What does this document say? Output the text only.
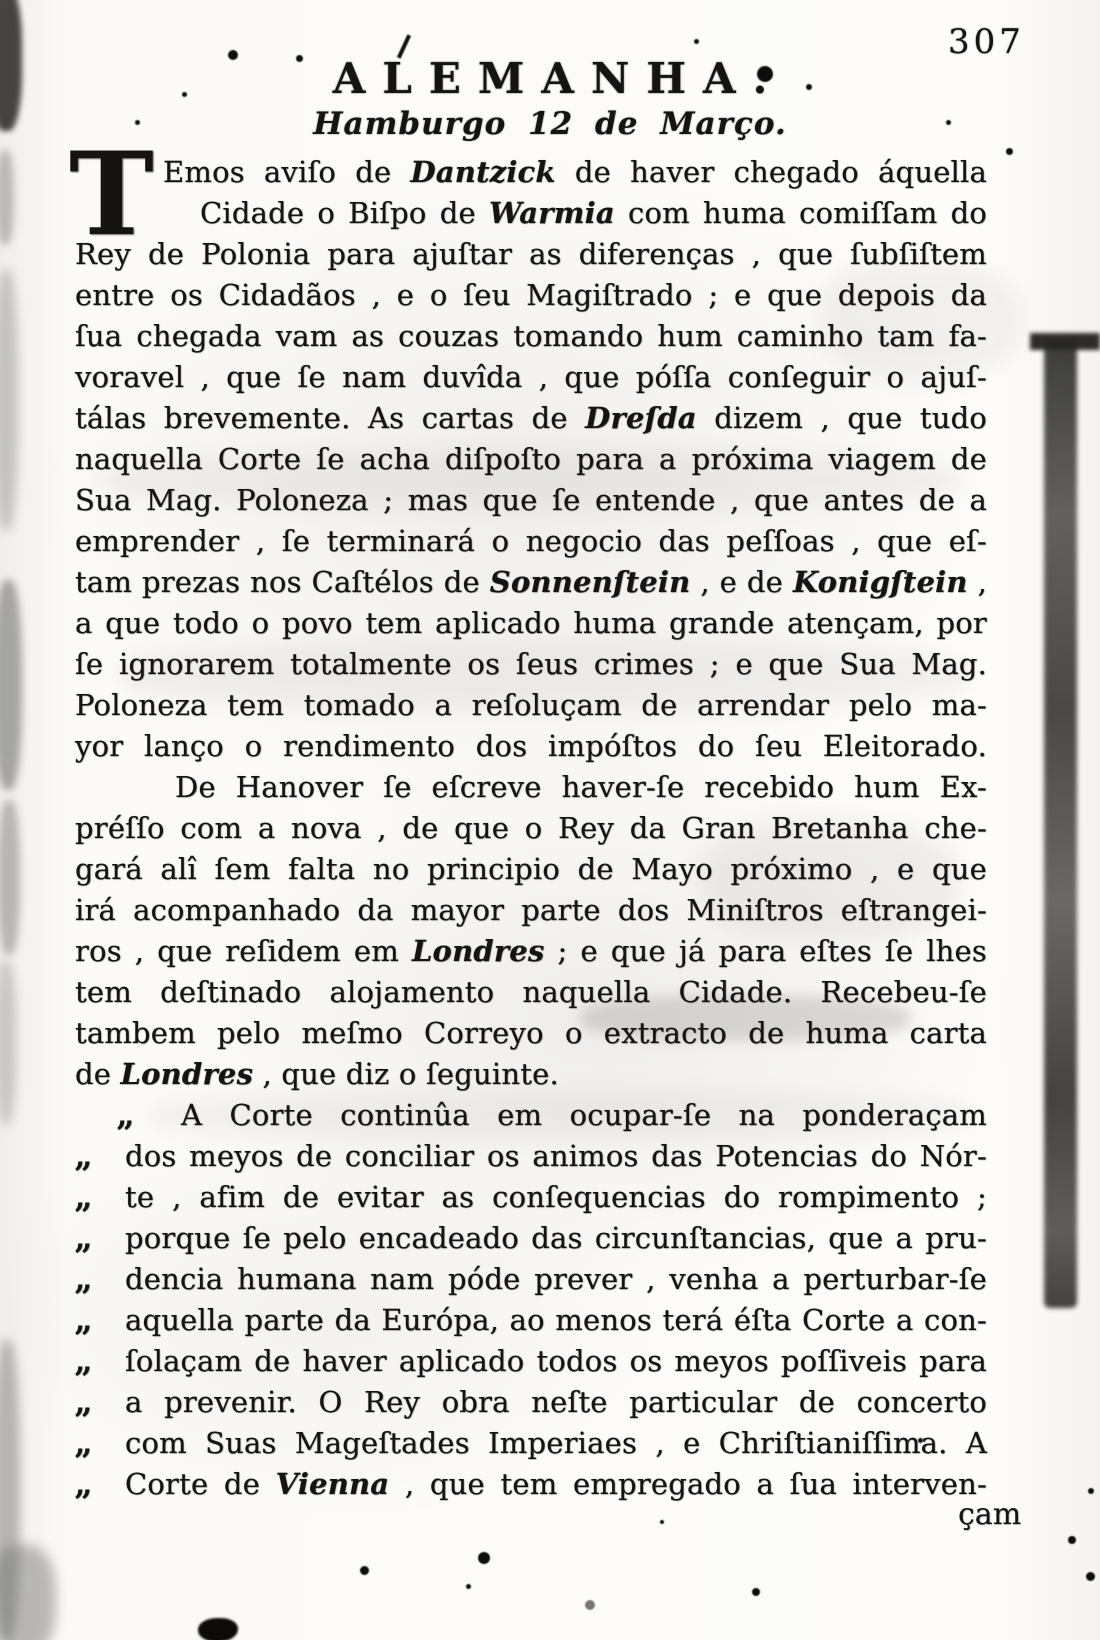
307
ALEMANHA.
Hamburgo 12 de Março.
T Emos aviſo de Dantzick de haver chegado áquella
Cidade o Biſpo de Warmia com huma comiſſam do
Rey de Polonia para ajuſtar as diferenças , que ſubſiſtem
entre os Cidadãos , e o ſeu Magiſtrado ; e que depois da
ſua chegada vam as couzas tomando hum caminho tam fa-
voravel , que ſe nam duvîda , que póſſa conſeguir o ajuſ-
tálas brevemente. As cartas de Dreſda dizem , que tudo
naquella Corte ſe acha diſpoſto para a próxima viagem de
Sua Mag. Poloneza ; mas que ſe entende , que antes de a
emprender , ſe terminará o negocio das peſſoas , que eſ-
tam prezas nos Caſtélos de Sonnenſtein , e de Konigſtein ,
a que todo o povo tem aplicado huma grande atençam, por
ſe ignorarem totalmente os ſeus crimes ; e que Sua Mag.
Poloneza tem tomado a reſoluçam de arrendar pelo ma-
yor lanço o rendimento dos impóſtos do ſeu Eleitorado.
De Hanover ſe eſcreve haver-ſe recebido hum Ex-
préſſo com a nova , de que o Rey da Gran Bretanha che-
gará alî ſem falta no principio de Mayo próximo , e que
irá acompanhado da mayor parte dos Miniſtros eſtrangei-
ros , que reſidem em Londres ; e que já para eſtes ſe lhes
tem deſtinado alojamento naquella Cidade. Recebeu-ſe
tambem pelo meſmo Correyo o extracto de huma carta
de Londres , que diz o ſeguinte.
,, A Corte continûa em ocupar-ſe na ponderaçam
,, dos meyos de conciliar os animos das Potencias do Nór-
,, te , afim de evitar as conſequencias do rompimento ;
,, porque ſe pelo encadeado das circunſtancias, que a pru-
,, dencia humana nam póde prever , venha a perturbar-ſe
,, aquella parte da Európa, ao menos terá éſta Corte a con-
,, ſolaçam de haver aplicado todos os meyos poſſiveis para
,, a prevenir. O Rey obra neſte particular de concerto
,, com Suas Mageſtades Imperiaes , e Chriſtianiſſima. A
,, Corte de Vienna , que tem empregado a ſua interven-
çam
